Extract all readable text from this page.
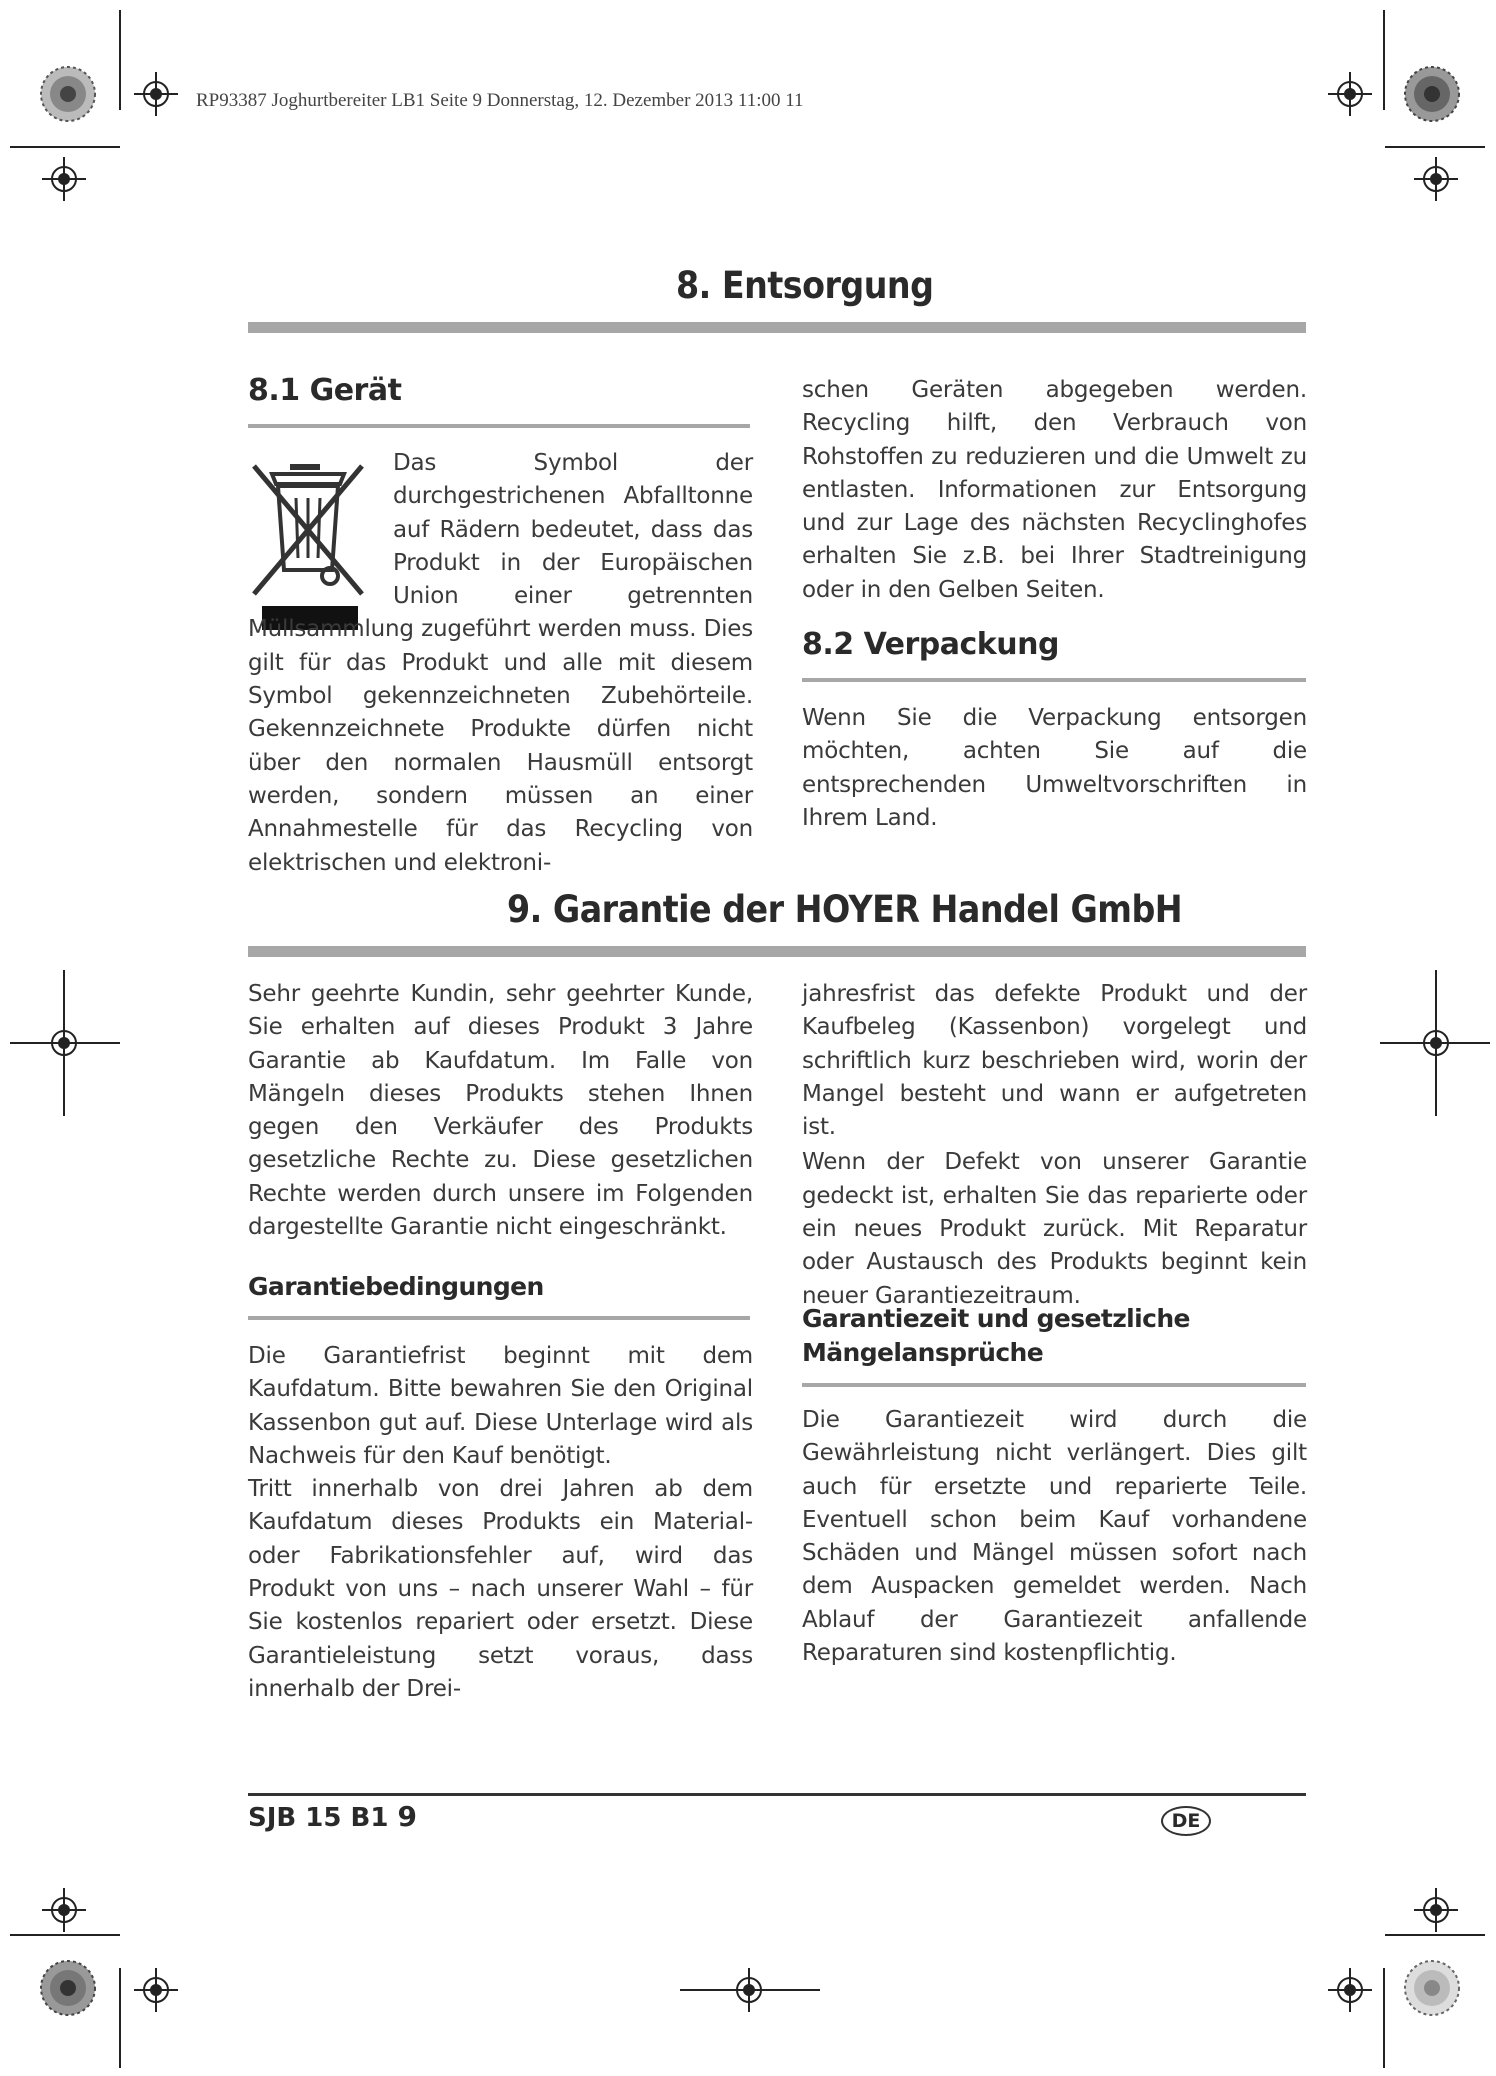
RP93387 Joghurtbereiter LB1 Seite 9 Donnerstag, 12. Dezember 2013 11:00 11
8. Entsorgung
8.1 Gerät
Das Symbol der durchgestrichenen Abfalltonne auf Rädern bedeutet, dass das Produkt in der Europäischen Union einer getrennten Müllsammlung zugeführt werden muss. Dies gilt für das Produkt und alle mit diesem Symbol gekennzeichneten Zubehörteile. Gekennzeichnete Produkte dürfen nicht über den normalen Hausmüll entsorgt werden, sondern müssen an einer Annahmestelle für das Recycling von elektrischen und elektroni-
schen Geräten abgegeben werden. Recycling hilft, den Verbrauch von Rohstoffen zu reduzieren und die Umwelt zu entlasten. Informationen zur Entsorgung und zur Lage des nächsten Recyclinghofes erhalten Sie z.B. bei Ihrer Stadtreinigung oder in den Gelben Seiten.
8.2 Verpackung
Wenn Sie die Verpackung entsorgen möchten, achten Sie auf die entsprechenden Umweltvorschriften in Ihrem Land.
9. Garantie der HOYER Handel GmbH
Sehr geehrte Kundin, sehr geehrter Kunde, Sie erhalten auf dieses Produkt 3 Jahre Garantie ab Kaufdatum. Im Falle von Mängeln dieses Produkts stehen Ihnen gegen den Verkäufer des Produkts gesetzliche Rechte zu. Diese gesetzlichen Rechte werden durch unsere im Folgenden dargestellte Garantie nicht eingeschränkt.
Garantiebedingungen

Die Garantiefrist beginnt mit dem Kaufdatum. Bitte bewahren Sie den Original Kassenbon gut auf. Diese Unterlage wird als Nachweis für den Kauf benötigt.

Tritt innerhalb von drei Jahren ab dem Kaufdatum dieses Produkts ein Material- oder Fabrikationsfehler auf, wird das Produkt von uns – nach unserer Wahl – für Sie kostenlos repariert oder ersetzt. Diese Garantieleistung setzt voraus, dass innerhalb der Drei-

jahresfrist das defekte Produkt und der Kaufbeleg (Kassenbon) vorgelegt und schriftlich kurz beschrieben wird, worin der Mangel besteht und wann er aufgetreten ist.

Wenn der Defekt von unserer Garantie gedeckt ist, erhalten Sie das reparierte oder ein neues Produkt zurück. Mit Reparatur oder Austausch des Produkts beginnt kein neuer Garantiezeitraum.

Garantiezeit und gesetzliche
Mängelansprüche
Die Garantiezeit wird durch die Gewährleistung nicht verlängert. Dies gilt auch für ersetzte und reparierte Teile. Eventuell schon beim Kauf vorhandene Schäden und Mängel müssen sofort nach dem Auspacken gemeldet werden. Nach Ablauf der Garantiezeit anfallende Reparaturen sind kostenpflichtig.
SJB 15 B1 9	DE
